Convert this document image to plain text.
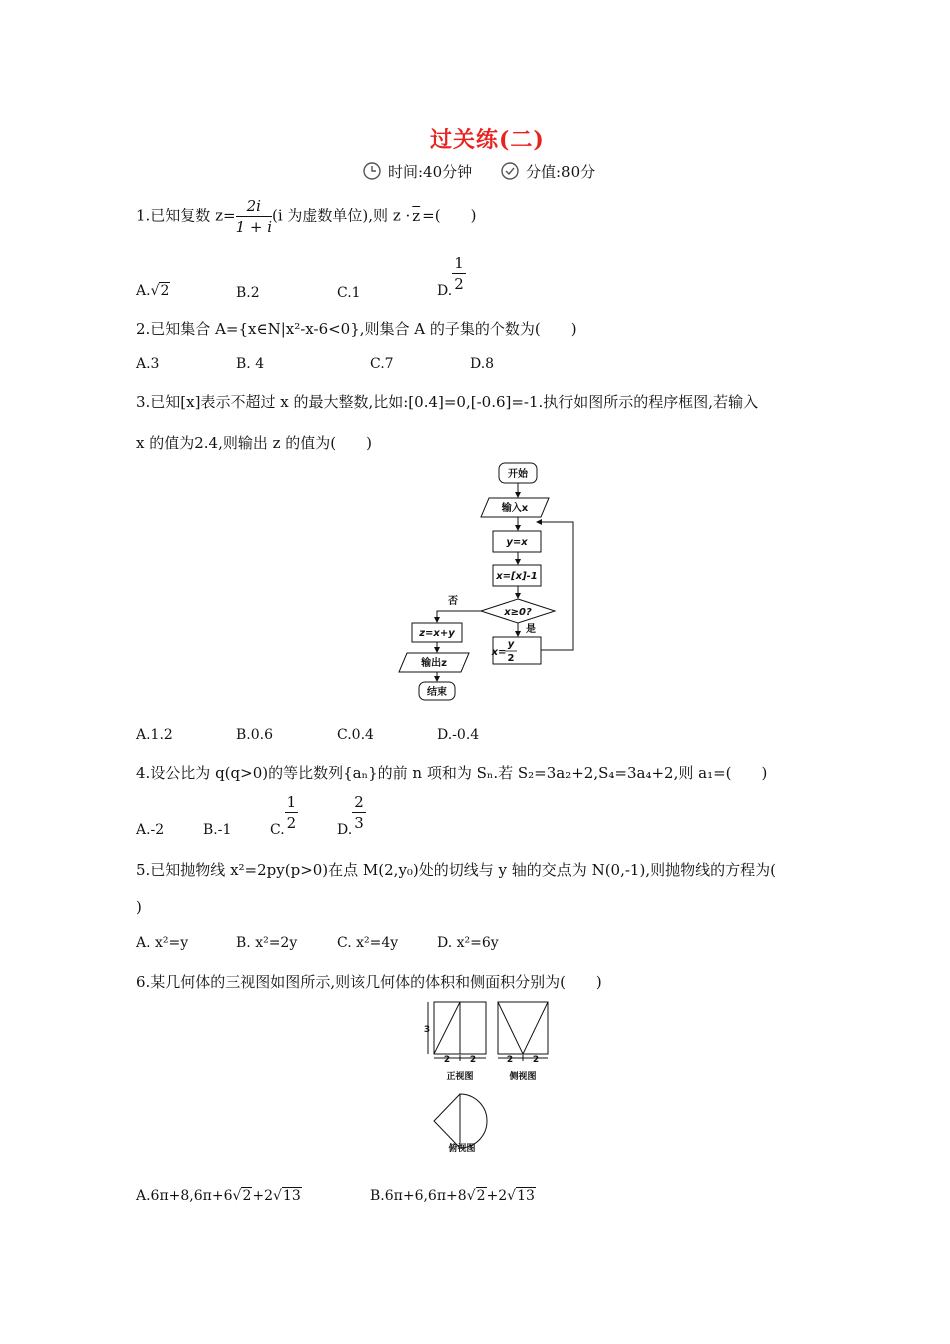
过关练(二)
时间:40分钟	分值:80分
1.已知复数 $z= \frac{2i}{1 + i} (i$ 为虚数单位),则 $z \cdot \overline{z}$ =(　　)
A.√2	B.2	C.1	D. $\frac{1}{2}$
2.已知集合 A={x∈N|x²-x-6<0},则集合 A 的子集的个数为(　　)
A.3	B. 4	C.7	D.8
3.已知[x]表示不超过 x 的最大整数,比如:[0.4]=0,[-0.6]=-1.执行如图所示的程序框图,若输入
x 的值为2.4,则输出 z 的值为(　　)
开始
输入x
y=x
x=[x]-1
x≥0?
否
是
x=
y
2
z=x+y
输出z
结束
A.1.2	B.0.6	C.0.4	D.-0.4
4.设公比为 q(q>0)的等比数列{aₙ}的前 n 项和为 Sₙ.若 S₂=3a₂+2,S₄=3a₄+2,则 a₁=(　　)
A.-2	B.-1	C. $\frac{1}{2}$	D. $\frac{2}{3}$
5.已知抛物线 x²=2py(p>0)在点 M(2,y₀)处的切线与 y 轴的交点为 N(0,-1),则抛物线的方程为(
)
A. x²=y	B. x²=2y	C. x²=4y	D. x²=6y
6.某几何体的三视图如图所示,则该几何体的体积和侧面积分别为(　　)
3
2 2	2 2
正视图	侧视图
俯视图
A.6π+8,6π+6√2+2√13	B.6π+6,6π+8√2+2√13
